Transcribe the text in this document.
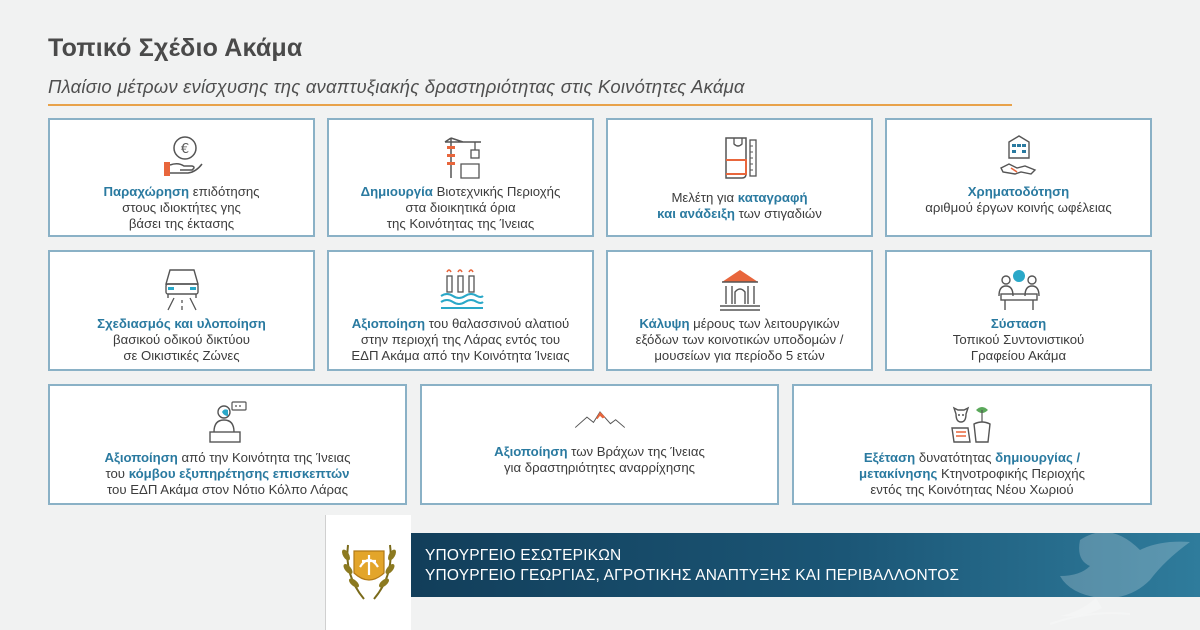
Τοπικό Σχέδιο Ακάμα
Πλαίσιο μέτρων ενίσχυσης της αναπτυξιακής δραστηριότητας στις Κοινότητες Ακάμα
€
Παραχώρηση επιδότησης
στους ιδιοκτήτες γης
βάσει της έκτασης
Δημιουργία Βιοτεχνικής Περιοχής
στα διοικητικά όρια
της Κοινότητας της Ίνειας
Μελέτη για καταγραφή
και ανάδειξη των στιγαδιών
Χρηματοδότηση
αριθμού έργων κοινής ωφέλειας
Σχεδιασμός και υλοποίηση
βασικού οδικού δικτύου
σε Οικιστικές Ζώνες
Αξιοποίηση του θαλασσινού αλατιού
στην περιοχή της Λάρας εντός του
ΕΔΠ Ακάμα από την Κοινότητα Ίνειας
Κάλυψη μέρους των λειτουργικών
εξόδων των κοινοτικών υποδομών /
μουσείων για περίοδο 5 ετών
Σύσταση
Τοπικού Συντονιστικού
Γραφείου Ακάμα
Αξιοποίηση από την Κοινότητα της Ίνειας
του κόμβου εξυπηρέτησης επισκεπτών
του ΕΔΠ Ακάμα στον Νότιο Κόλπο Λάρας
Αξιοποίηση των Βράχων της Ίνειας
για δραστηριότητες αναρρίχησης
Εξέταση δυνατότητας δημιουργίας /
μετακίνησης Κτηνοτροφικής Περιοχής
εντός της Κοινότητας Νέου Χωριού
ΥΠΟΥΡΓΕΙΟ ΕΣΩΤΕΡΙΚΩΝ
ΥΠΟΥΡΓΕΙΟ ΓΕΩΡΓΙΑΣ, ΑΓΡΟΤΙΚΗΣ ΑΝΑΠΤΥΞΗΣ ΚΑΙ ΠΕΡΙΒΑΛΛΟΝΤΟΣ
